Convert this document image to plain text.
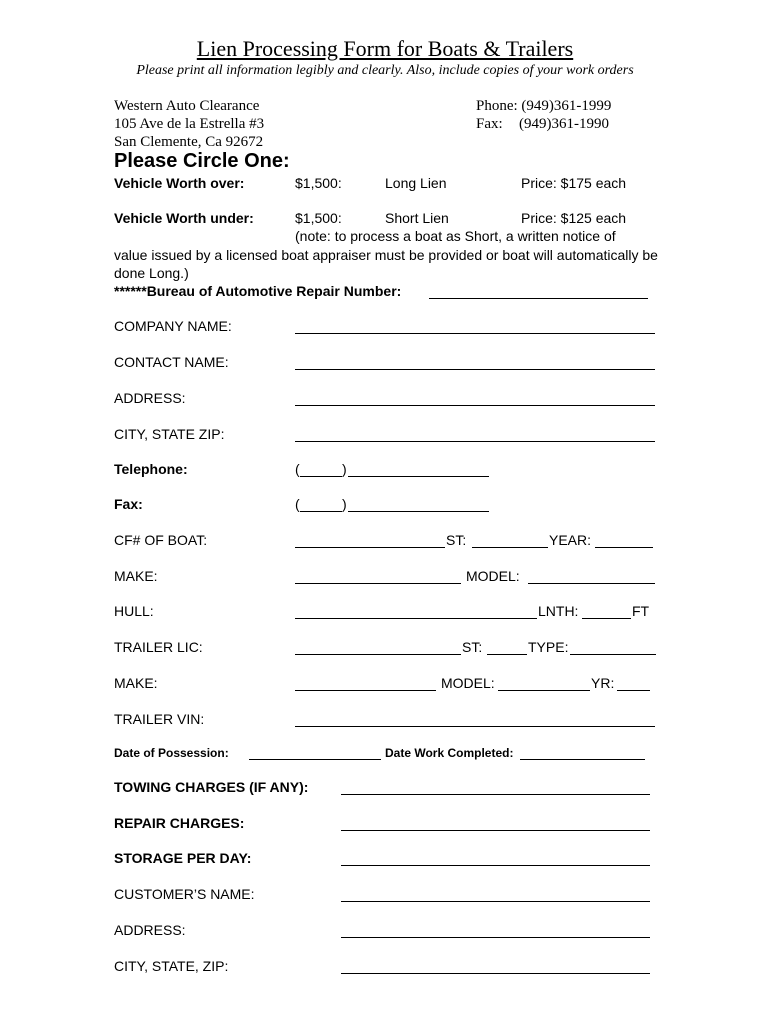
Lien Processing Form for Boats & Trailers
Please print all information legibly and clearly. Also, include copies of your work orders
Western Auto Clearance
105 Ave de la Estrella #3
San Clemente, Ca 92672
Phone: (949)361-1999
Fax: (949)361-1990
Please Circle One:
Vehicle Worth over:	$1,500:	Long Lien	Price: $175 each
Vehicle Worth under:	$1,500:	Short Lien	Price: $125 each
(note: to process a boat as Short, a written notice of
value issued by a licensed boat appraiser must be provided or boat will automatically be done Long.)
******Bureau of Automotive Repair Number:
COMPANY NAME:
CONTACT NAME:
ADDRESS:
CITY, STATE ZIP:
Telephone:	(	)
Fax:	(	)
CF# OF BOAT:	ST:	YEAR:
MAKE:	MODEL:
HULL:	LNTH:	FT
TRAILER LIC:	ST:	TYPE:
MAKE:	MODEL:	YR:
TRAILER VIN:
Date of Possession:	Date Work Completed:
TOWING CHARGES (IF ANY):
REPAIR CHARGES:
STORAGE PER DAY:
CUSTOMER’S NAME:
ADDRESS:
CITY, STATE, ZIP:
